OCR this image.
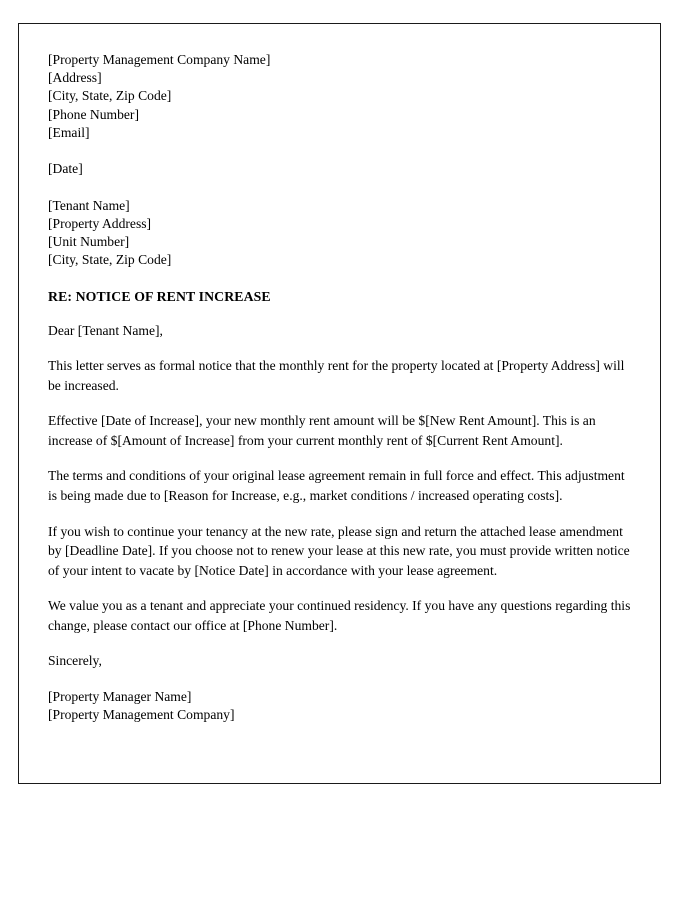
[Property Management Company Name]
[Address]
[City, State, Zip Code]
[Phone Number]
[Email]
[Date]
[Tenant Name]
[Property Address]
[Unit Number]
[City, State, Zip Code]

RE: NOTICE OF RENT INCREASE

Dear [Tenant Name],

This letter serves as formal notice that the monthly rent for the property located at [Property Address] will be increased.

Effective [Date of Increase], your new monthly rent amount will be $[New Rent Amount]. This is an increase of $[Amount of Increase] from your current monthly rent of $[Current Rent Amount].

The terms and conditions of your original lease agreement remain in full force and effect. This adjustment is being made due to [Reason for Increase, e.g., market conditions / increased operating costs].

If you wish to continue your tenancy at the new rate, please sign and return the attached lease amendment by [Deadline Date]. If you choose not to renew your lease at this new rate, you must provide written notice of your intent to vacate by [Notice Date] in accordance with your lease agreement.

We value you as a tenant and appreciate your continued residency. If you have any questions regarding this change, please contact our office at [Phone Number].

Sincerely,

[Property Manager Name]
[Property Management Company]
